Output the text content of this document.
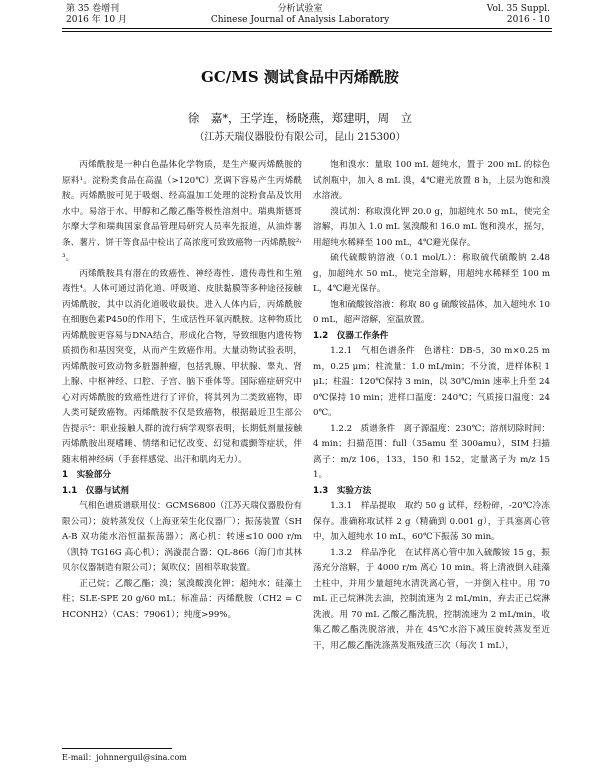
第 35 卷增刊
2016 年 10 月
分析试验室
Chinese Journal of Analysis Laboratory
Vol. 35 Suppl.
2016 - 10
GC/MS 测试食品中丙烯酰胺
徐　嘉*，王学连，杨晓燕，郑建明，周　立
（江苏天瑞仪器股份有限公司，昆山 215300）

丙烯酰胺是一种白色晶体化学物质，是生产聚丙烯酰胺的原料¹。淀粉类食品在高温（>120℃）烹调下容易产生丙烯酰胺。丙烯酰胺可见于吸烟、经高温加工处理的淀粉食品及饮用水中。易溶于水、甲醇和乙酸乙酯等极性溶剂中。瑞典斯德哥尔摩大学和瑞典国家食品管理局研究人员率先报道，从油炸薯条、薯片、饼干等食品中检出了高浓度可致致癌物一丙烯酰胺²˒³。

丙烯酰胺具有潜在的致癌性、神经毒性、遗传毒性和生殖毒性⁴。人体可通过消化道、呼吸道、皮肤黏膜等多种途径接触丙烯酰胺，其中以消化道吸收最快。进入人体内后，丙烯酰胺在细胞色素P450的作用下，生成活性环氧丙酰胺。这种物质比丙烯酰胺更容易与DNA结合，形成化合物，导致细胞内遗传物质损伤和基因突变，从而产生致癌作用。大量动物试验表明，丙烯酰胺可致动物多脏器肿瘤，包括乳腺、甲状腺、睾丸、肾上腺、中枢神经、口腔、子宫、脑下垂体等。国际癌症研究中心对丙烯酰胺的致癌性进行了评价，将其列为二类致癌物，即人类可疑致癌物。丙烯酰胺不仅是致癌物，根据最近卫生部公告提示⁵：职业接触人群的流行病学观察表明，长期低剂量接触丙烯酰胺出现嗜睡、情绪和记忆改变、幻觉和震颤等症状，伴随末梢神经病（手套样感觉、出汗和肌肉无力）。

1　实验部分

1.1　仪器与试剂

气相色谱质谱联用仪：GCMS6800（江苏天瑞仪器股份有限公司）；旋转蒸发仪（上海亚荣生化仪器厂）；振荡装置（SHA-B 双功能水浴恒温振荡器）；离心机：转速≤10 000 r/m（凯特 TG16G 高心机）；涡漩混合器：QL-866（海门市其林贝尔仪器制造有限公司）；氮吹仪；固相萃取装置。

正己烷；乙酸乙酯；溴；氢溴酸溴化钾；超纯水；硅藻土柱；SLE-SPE 20 g/60 mL；标准品：丙烯酰胺（CH2 = CHCONH2）（CAS：79061）；纯度>99%。

饱和溴水：量取 100 mL 超纯水，置于 200 mL 的棕色试剂瓶中，加入 8 mL 溴，4℃避光放置 8 h，上层为饱和溴水溶液。

溴试剂：称取溴化钾 20.0 g，加超纯水 50 mL，使完全溶解，再加入 1.0 mL 氢溴酸和 16.0 mL 饱和溴水，摇匀，用超纯水稀释至 100 mL，4℃避光保存。

硫代硫酸钠溶液（0.1 mol/L）：称取硫代硫酸钠 2.48 g，加超纯水 50 mL，使完全溶解，用超纯水稀释至 100 mL，4℃避光保存。

饱和硫酸铵溶液：称取 80 g 硫酸铵晶体，加入超纯水 100 mL，超声溶解，室温放置。

1.2　仪器工作条件

1.2.1　气相色谱条件　色谱柱：DB-5，30 m×0.25 mm，0.25 μm；柱流量：1.0 mL/min；不分流，进样体积 1 μL；柱温：120℃保持 3 min，以 30℃/min 速率上升至 240℃保持 10 min；进样口温度：240℃；气质接口温度：240℃。

1.2.2　质谱条件　离子源温度：230℃；溶剂切除时间：4 min；扫描范围：full（35amu 至 300amu），SIM 扫描离子：m/z 106，133，150 和 152，定量离子为 m/z 151。

1.3　实验方法

1.3.1　样品提取　取约 50 g 试样，经粉碎，-20℃冷冻保存。准确称取试样 2 g（精确到 0.001 g），于具塞离心管中，加入超纯水 10 mL，60℃下振荡 30 min。

1.3.2　样品净化　在试样离心管中加入硫酸铵 15 g，振荡充分溶解，于 4000 r/m 离心 10 min。将上清液倒入硅藻土柱中，并用少量超纯水清洗离心管，一并倒入柱中。用 70 mL 正己烷淋洗去油，控制流速为 2 mL/min，弃去正己烷淋洗液。用 70 mL 乙酸乙酯洗脱，控制流速为 2 mL/min，收集乙酸乙酯洗脱溶液，并在 45℃水浴下减压旋转蒸发至近干，用乙酸乙酯洗涤蒸发瓶残渣三次（每次 1 mL），

E-mail：johnnerguil@sina.com
